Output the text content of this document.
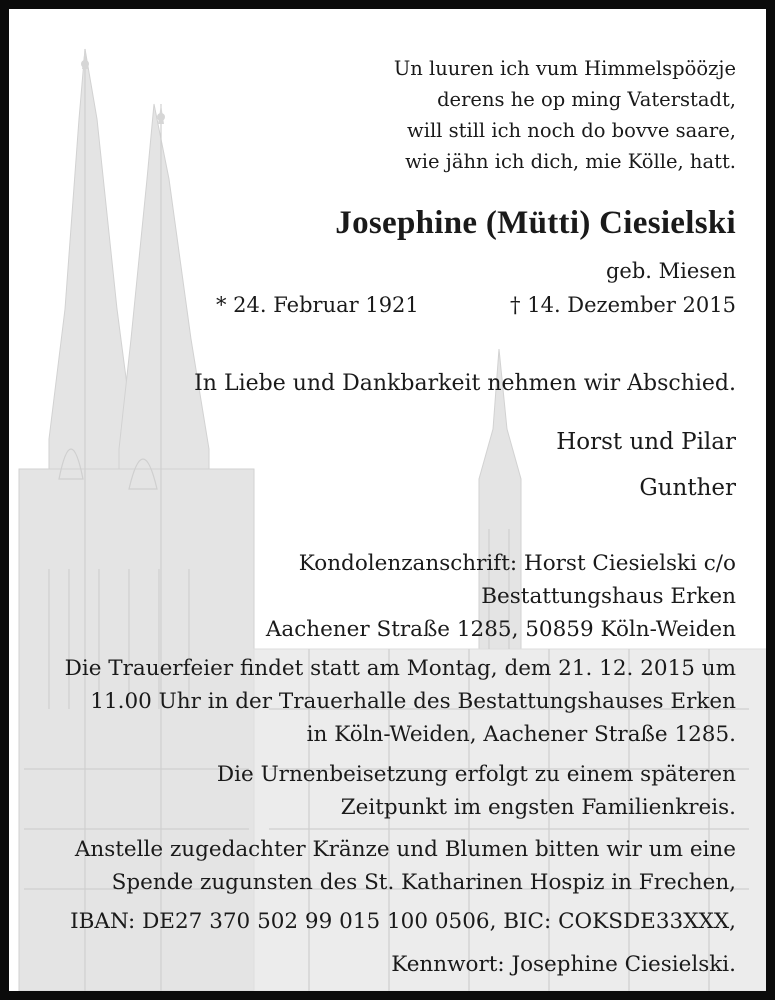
Un luuren ich vum Himmelspöözje
derens he op ming Vaterstadt,
will still ich noch do bovve saare,
wie jähn ich dich, mie Kölle, hatt.
Josephine (Mütti) Ciesielski
geb. Miesen
* 24. Februar 1921	† 14. Dezember 2015
In Liebe und Dankbarkeit nehmen wir Abschied.
Horst und Pilar
Gunther
Kondolenzanschrift: Horst Ciesielski c/o
Bestattungshaus Erken
Aachener Straße 1285, 50859 Köln-Weiden
Die Trauerfeier findet statt am Montag, dem 21. 12. 2015 um
11.00 Uhr in der Trauerhalle des Bestattungshauses Erken
in Köln-Weiden, Aachener Straße 1285.
Die Urnenbeisetzung erfolgt zu einem späteren
Zeitpunkt im engsten Familienkreis.
Anstelle zugedachter Kränze und Blumen bitten wir um eine
Spende zugunsten des St. Katharinen Hospiz in Frechen,
IBAN: DE27 370 502 99 015 100 0506, BIC: COKSDE33XXX,
Kennwort: Josephine Ciesielski.
